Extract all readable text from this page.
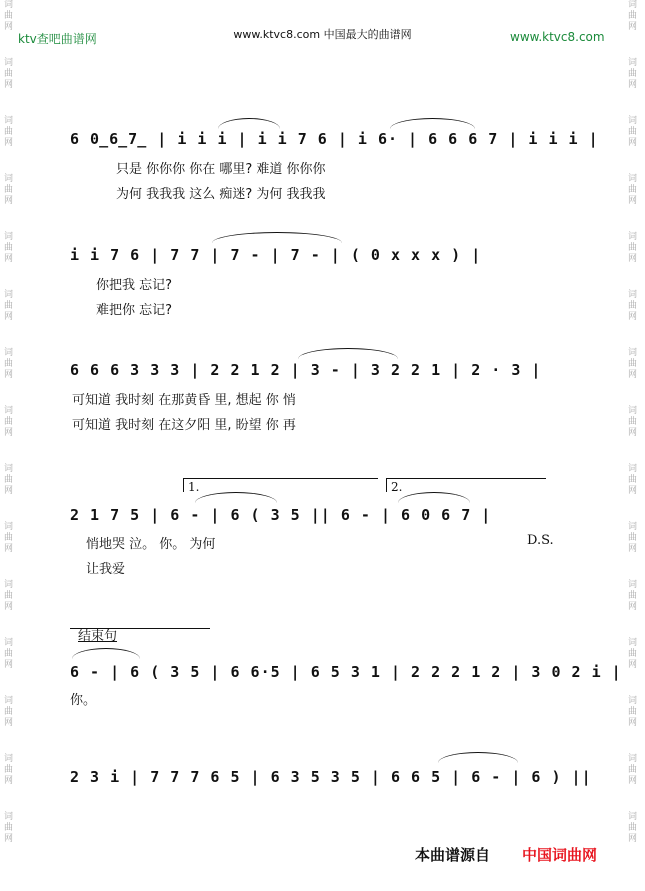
ktv查吧曲谱网	www.ktvc8.com 中国最大的曲谱网	www.ktvc8.com
词
曲
网

词
曲
网

词
曲
网

词
曲
网

词
曲
网

词
曲
网

词
曲
网

词
曲
网

词
曲
网

词
曲
网

词
曲
网

词
曲
网

词
曲
网

词
曲
网

词
曲
网

词
曲
网

词
曲
网

词
曲
网

词
曲
网

词
曲
网

词
曲
网

词
曲
网

词
曲
网

词
曲
网

词
曲
网

词
曲
网

词
曲
网

词
曲
网

词
曲
网

词
曲
网

6 0̲6̲7̲ | i i i | i i 7 6 | i 6· | 6 6 6 7 | i i i |
只是 你你你 你在 哪里? 难道 你你你
为何 我我我 这么 痴迷? 为何 我我我
i i 7 6 | 7 7 | 7 - | 7 - | ( 0 x x x ) |
你把我 忘记?
难把你 忘记?
6 6 6 3 3 3 | 2 2 1 2 | 3 - | 3 2 2 1 | 2 · 3 |
可知道 我时刻 在那黄昏 里, 想起 你 悄
可知道 我时刻 在这夕阳 里, 盼望 你 再
1.	2.
2 1 7 5 | 6 - | 6 ( 3 5 || 6 - | 6 0 6 7 |
悄地哭 泣。 你。 为何	D.S.
让我爱
结束句
6 - | 6 ( 3 5 | 6 6·5 | 6 5 3 1 | 2 2 2 1 2 | 3 0 2 i |
你。
2 3 i | 7 7 7 6 5 | 6 3 5 3 5 | 6 6 5 | 6 - | 6 ) ||
本曲谱源自 中国词曲网
